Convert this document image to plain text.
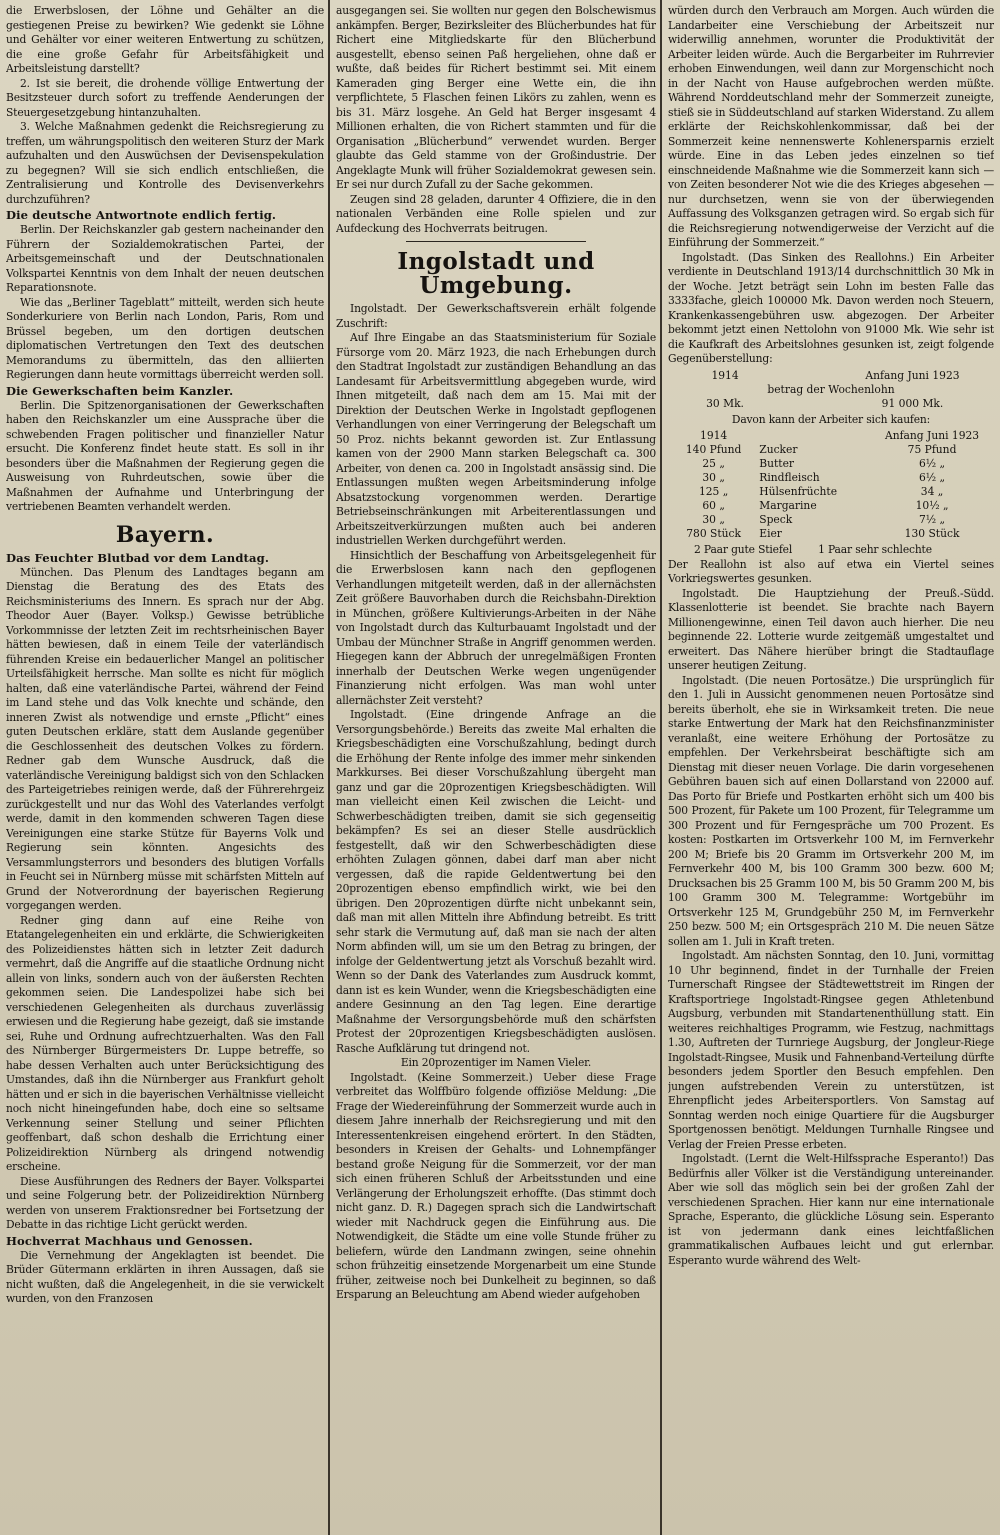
die Erwerbslosen, der Löhne und Gehälter an die gestiegenen Preise zu bewirken? Wie gedenkt sie Löhne und Gehälter vor einer weiteren Entwertung zu schützen, die eine große Gefahr für Arbeitsfähigkeit und Arbeitsleistung darstellt?

2. Ist sie bereit, die drohende völlige Entwertung der Besitzsteuer durch sofort zu treffende Aenderungen der Steuergesetzgebung hintanzuhalten.

3. Welche Maßnahmen gedenkt die Reichsregierung zu treffen, um währungspolitisch den weiteren Sturz der Mark aufzuhalten und den Auswüchsen der Devisenspekulation zu begegnen? Will sie sich endlich entschließen, die Zentralisierung und Kontrolle des Devisenverkehrs durchzuführen?

Die deutsche Antwortnote endlich fertig.

Berlin. Der Reichskanzler gab gestern nacheinander den Führern der Sozialdemokratischen Partei, der Arbeitsgemeinschaft und der Deutschnationalen Volkspartei Kenntnis von dem Inhalt der neuen deutschen Reparationsnote.

Wie das „Berliner Tageblatt“ mitteilt, werden sich heute Sonderkuriere von Berlin nach London, Paris, Rom und Brüssel begeben, um den dortigen deutschen diplomatischen Vertretungen den Text des deutschen Memorandums zu übermitteln, das den alliierten Regierungen dann heute vormittags überreicht werden soll.

Die Gewerkschaften beim Kanzler.

Berlin. Die Spitzenorganisationen der Gewerkschaften haben den Reichskanzler um eine Aussprache über die schwebenden Fragen politischer und finanzieller Natur ersucht. Die Konferenz findet heute statt. Es soll in ihr besonders über die Maßnahmen der Regierung gegen die Ausweisung von Ruhrdeutschen, sowie über die Maßnahmen der Aufnahme und Unterbringung der vertriebenen Beamten verhandelt werden.

Bayern.
Das Feuchter Blutbad vor dem Landtag.

München. Das Plenum des Landtages begann am Dienstag die Beratung des des Etats des Reichsministeriums des Innern. Es sprach nur der Abg. Theodor Auer (Bayer. Volksp.) Gewisse betrübliche Vorkommnisse der letzten Zeit im rechtsrheinischen Bayer hätten bewiesen, daß in einem Teile der vaterländisch führenden Kreise ein bedauerlicher Mangel an politischer Urteilsfähigkeit herrsche. Man sollte es nicht für möglich halten, daß eine vaterländische Partei, während der Feind im Land stehe und das Volk knechte und schände, den inneren Zwist als notwendige und ernste „Pflicht“ eines guten Deutschen erkläre, statt dem Auslande gegenüber die Geschlossenheit des deutschen Volkes zu fördern. Redner gab dem Wunsche Ausdruck, daß die vaterländische Vereinigung baldigst sich von den Schlacken des Parteigetriebes reinigen werde, daß der Führerehrgeiz zurückgestellt und nur das Wohl des Vaterlandes verfolgt werde, damit in den kommenden schweren Tagen diese Vereinigungen eine starke Stütze für Bayerns Volk und Regierung sein könnten. Angesichts des Versammlungsterrors und besonders des blutigen Vorfalls in Feucht sei in Nürnberg müsse mit schärfsten Mitteln auf Grund der Notverordnung der bayerischen Regierung vorgegangen werden.

Redner ging dann auf eine Reihe von Etatangelegenheiten ein und erklärte, die Schwierigkeiten des Polizeidienstes hätten sich in letzter Zeit dadurch vermehrt, daß die Angriffe auf die staatliche Ordnung nicht allein von links, sondern auch von der äußersten Rechten gekommen seien. Die Landespolizei habe sich bei verschiedenen Gelegenheiten als durchaus zuverlässig erwiesen und die Regierung habe gezeigt, daß sie imstande sei, Ruhe und Ordnung aufrechtzuerhalten. Was den Fall des Nürnberger Bürgermeisters Dr. Luppe betreffe, so habe dessen Verhalten auch unter Berücksichtigung des Umstandes, daß ihn die Nürnberger aus Frankfurt geholt hätten und er sich in die bayerischen Verhältnisse vielleicht noch nicht hineingefunden habe, doch eine so seltsame Verkennung seiner Stellung und seiner Pflichten geoffenbart, daß schon deshalb die Errichtung einer Polizeidirektion Nürnberg als dringend notwendig erscheine.

Diese Ausführungen des Redners der Bayer. Volkspartei und seine Folgerung betr. der Polizeidirektion Nürnberg werden von unserem Fraktionsredner bei Fortsetzung der Debatte in das richtige Licht gerückt werden.

Hochverrat Machhaus und Genossen.

Die Vernehmung der Angeklagten ist beendet. Die Brüder Gütermann erklärten in ihren Aussagen, daß sie nicht wußten, daß die Angelegenheit, in die sie verwickelt wurden, von den Franzosen

ausgegangen sei. Sie wollten nur gegen den Bolschewismus ankämpfen. Berger, Bezirksleiter des Blücherbundes hat für Richert eine Mitgliedskarte für den Blücherbund ausgestellt, ebenso seinen Paß hergeliehen, ohne daß er wußte, daß beides für Richert bestimmt sei. Mit einem Kameraden ging Berger eine Wette ein, die ihn verpflichtete, 5 Flaschen feinen Likörs zu zahlen, wenn es bis 31. März losgehe. An Geld hat Berger insgesamt 4 Millionen erhalten, die von Richert stammten und für die Organisation „Blücherbund“ verwendet wurden. Berger glaubte das Geld stamme von der Großindustrie. Der Angeklagte Munk will früher Sozialdemokrat gewesen sein. Er sei nur durch Zufall zu der Sache gekommen.

Zeugen sind 28 geladen, darunter 4 Offiziere, die in den nationalen Verbänden eine Rolle spielen und zur Aufdeckung des Hochverrats beitrugen.

Ingolstadt und Umgebung.

Ingolstadt. Der Gewerkschaftsverein erhält folgende Zuschrift:

Auf Ihre Eingabe an das Staatsministerium für Soziale Fürsorge vom 20. März 1923, die nach Erhebungen durch den Stadtrat Ingolstadt zur zuständigen Behandlung an das Landesamt für Arbeitsvermittlung abgegeben wurde, wird Ihnen mitgeteilt, daß nach dem am 15. Mai mit der Direktion der Deutschen Werke in Ingolstadt gepflogenen Verhandlungen von einer Verringerung der Belegschaft um 50 Proz. nichts bekannt geworden ist. Zur Entlassung kamen von der 2900 Mann starken Belegschaft ca. 300 Arbeiter, von denen ca. 200 in Ingolstadt ansässig sind. Die Entlassungen mußten wegen Arbeitsminderung infolge Absatzstockung vorgenommen werden. Derartige Betriebseinschränkungen mit Arbeiterentlassungen und Arbeitszeitverkürzungen mußten auch bei anderen industriellen Werken durchgeführt werden.

Hinsichtlich der Beschaffung von Arbeitsgelegenheit für die Erwerbslosen kann nach den gepflogenen Verhandlungen mitgeteilt werden, daß in der allernächsten Zeit größere Bauvorhaben durch die Reichsbahn-Direktion in München, größere Kultivierungs-Arbeiten in der Nähe von Ingolstadt durch das Kulturbauamt Ingolstadt und der Umbau der Münchner Straße in Angriff genommen werden. Hiegegen kann der Abbruch der unregelmäßigen Fronten innerhalb der Deutschen Werke wegen ungenügender Finanzierung nicht erfolgen. Was man wohl unter allernächster Zeit versteht?

Ingolstadt. (Eine dringende Anfrage an die Versorgungsbehörde.) Bereits das zweite Mal erhalten die Kriegsbeschädigten eine Vorschußzahlung, bedingt durch die Erhöhung der Rente infolge des immer mehr sinkenden Markkurses. Bei dieser Vorschußzahlung übergeht man ganz und gar die 20prozentigen Kriegsbeschädigten. Will man vielleicht einen Keil zwischen die Leicht- und Schwerbeschädigten treiben, damit sie sich gegenseitig bekämpfen? Es sei an dieser Stelle ausdrücklich festgestellt, daß wir den Schwerbeschädigten diese erhöhten Zulagen gönnen, dabei darf man aber nicht vergessen, daß die rapide Geldentwertung bei den 20prozentigen ebenso empfindlich wirkt, wie bei den übrigen. Den 20prozentigen dürfte nicht unbekannt sein, daß man mit allen Mitteln ihre Abfindung betreibt. Es tritt sehr stark die Vermutung auf, daß man sie nach der alten Norm abfinden will, um sie um den Betrag zu bringen, der infolge der Geldentwertung jetzt als Vorschuß bezahlt wird. Wenn so der Dank des Vaterlandes zum Ausdruck kommt, dann ist es kein Wunder, wenn die Kriegsbeschädigten eine andere Gesinnung an den Tag legen. Eine derartige Maßnahme der Versorgungsbehörde muß den schärfsten Protest der 20prozentigen Kriegsbeschädigten auslösen. Rasche Aufklärung tut dringend not.

Ein 20prozentiger im Namen Vieler.

Ingolstadt. (Keine Sommerzeit.) Ueber diese Frage verbreitet das Wolffbüro folgende offiziöse Meldung: „Die Frage der Wiedereinführung der Sommerzeit wurde auch in diesem Jahre innerhalb der Reichsregierung und mit den Interessentenkreisen eingehend erörtert. In den Städten, besonders in Kreisen der Gehalts- und Lohnempfänger bestand große Neigung für die Sommerzeit, vor der man sich einen früheren Schluß der Arbeitsstunden und eine Verlängerung der Erholungszeit erhoffte. (Das stimmt doch nicht ganz. D. R.) Dagegen sprach sich die Landwirtschaft wieder mit Nachdruck gegen die Einführung aus. Die Notwendigkeit, die Städte um eine volle Stunde früher zu beliefern, würde den Landmann zwingen, seine ohnehin schon frühzeitig einsetzende Morgenarbeit um eine Stunde früher, zeitweise noch bei Dunkelheit zu beginnen, so daß Ersparung an Beleuchtung am Abend wieder aufgehoben

würden durch den Verbrauch am Morgen. Auch würden die Landarbeiter eine Verschiebung der Arbeitszeit nur widerwillig annehmen, worunter die Produktivität der Arbeiter leiden würde. Auch die Bergarbeiter im Ruhrrevier erhoben Einwendungen, weil dann zur Morgenschicht noch in der Nacht von Hause aufgebrochen werden müßte. Während Norddeutschland mehr der Sommerzeit zuneigte, stieß sie in Süddeutschland auf starken Widerstand. Zu allem erklärte der Reichskohlenkommissar, daß bei der Sommerzeit keine nennenswerte Kohlenersparnis erzielt würde. Eine in das Leben jedes einzelnen so tief einschneidende Maßnahme wie die Sommerzeit kann sich — von Zeiten besonderer Not wie die des Krieges abgesehen — nur durchsetzen, wenn sie von der überwiegenden Auffassung des Volksganzen getragen wird. So ergab sich für die Reichsregierung notwendigerweise der Verzicht auf die Einführung der Sommerzeit.“

Ingolstadt. (Das Sinken des Reallohns.) Ein Arbeiter verdiente in Deutschland 1913/14 durchschnittlich 30 Mk in der Woche. Jetzt beträgt sein Lohn im besten Falle das 3333fache, gleich 100000 Mk. Davon werden noch Steuern, Krankenkassengebühren usw. abgezogen. Der Arbeiter bekommt jetzt einen Nettolohn von 91000 Mk. Wie sehr ist die Kaufkraft des Arbeitslohnes gesunken ist, zeigt folgende Gegenüberstellung:

1914		Anfang Juni 1923
betrag der Wochenlohn		
30 Mk.		91 000 Mk.

Davon kann der Arbeiter sich kaufen:

1914		Anfang Juni 1923
140 Pfund	Zucker	75 Pfund
25 „	Butter	6½ „
30 „	Rindfleisch	6½ „
125 „	Hülsenfrüchte	34 „
60 „	Margarine	10½ „
30 „	Speck	7½ „
780 Stück	Eier	130 Stück

2 Paar gute Stiefel        1 Paar sehr schlechte

Der Reallohn ist also auf etwa ein Viertel seines Vorkriegswertes gesunken.

Ingolstadt. Die Hauptziehung der Preuß.-Südd. Klassenlotterie ist beendet. Sie brachte nach Bayern Millionengewinne, einen Teil davon auch hierher. Die neu beginnende 22. Lotterie wurde zeitgemäß umgestaltet und erweitert. Das Nähere hierüber bringt die Stadtauflage unserer heutigen Zeitung.

Ingolstadt. (Die neuen Portosätze.) Die ursprünglich für den 1. Juli in Aussicht genommenen neuen Portosätze sind bereits überholt, ehe sie in Wirksamkeit treten. Die neue starke Entwertung der Mark hat den Reichsfinanzminister veranlaßt, eine weitere Erhöhung der Portosätze zu empfehlen. Der Verkehrsbeirat beschäftigte sich am Dienstag mit dieser neuen Vorlage. Die darin vorgesehenen Gebühren bauen sich auf einen Dollarstand von 22000 auf. Das Porto für Briefe und Postkarten erhöht sich um 400 bis 500 Prozent, für Pakete um 100 Prozent, für Telegramme um 300 Prozent und für Ferngespräche um 700 Prozent. Es kosten: Postkarten im Ortsverkehr 100 M, im Fernverkehr 200 M; Briefe bis 20 Gramm im Ortsverkehr 200 M, im Fernverkehr 400 M, bis 100 Gramm 300 bezw. 600 M; Drucksachen bis 25 Gramm 100 M, bis 50 Gramm 200 M, bis 100 Gramm 300 M. Telegramme: Wortgebühr im Ortsverkehr 125 M, Grundgebühr 250 M, im Fernverkehr 250 bezw. 500 M; ein Ortsgespräch 210 M. Die neuen Sätze sollen am 1. Juli in Kraft treten.

Ingolstadt. Am nächsten Sonntag, den 10. Juni, vormittag 10 Uhr beginnend, findet in der Turnhalle der Freien Turnerschaft Ringsee der Städtewettstreit im Ringen der Kraftsportriege Ingolstadt-Ringsee gegen Athletenbund Augsburg, verbunden mit Standartenenthüllung statt. Ein weiteres reichhaltiges Programm, wie Festzug, nachmittags 1.30, Auftreten der Turnriege Augsburg, der Jongleur-Riege Ingolstadt-Ringsee, Musik und Fahnenband-Verteilung dürfte besonders jedem Sportler den Besuch empfehlen. Den jungen aufstrebenden Verein zu unterstützen, ist Ehrenpflicht jedes Arbeitersportlers. Von Samstag auf Sonntag werden noch einige Quartiere für die Augsburger Sportgenossen benötigt. Meldungen Turnhalle Ringsee und Verlag der Freien Presse erbeten.

Ingolstadt. (Lernt die Welt-Hilfssprache Esperanto!) Das Bedürfnis aller Völker ist die Verständigung untereinander. Aber wie soll das möglich sein bei der großen Zahl der verschiedenen Sprachen. Hier kann nur eine internationale Sprache, Esperanto, die glückliche Lösung sein. Esperanto ist von jedermann dank eines leichtfaßlichen grammatikalischen Aufbaues leicht und gut erlernbar. Esperanto wurde während des Welt-
